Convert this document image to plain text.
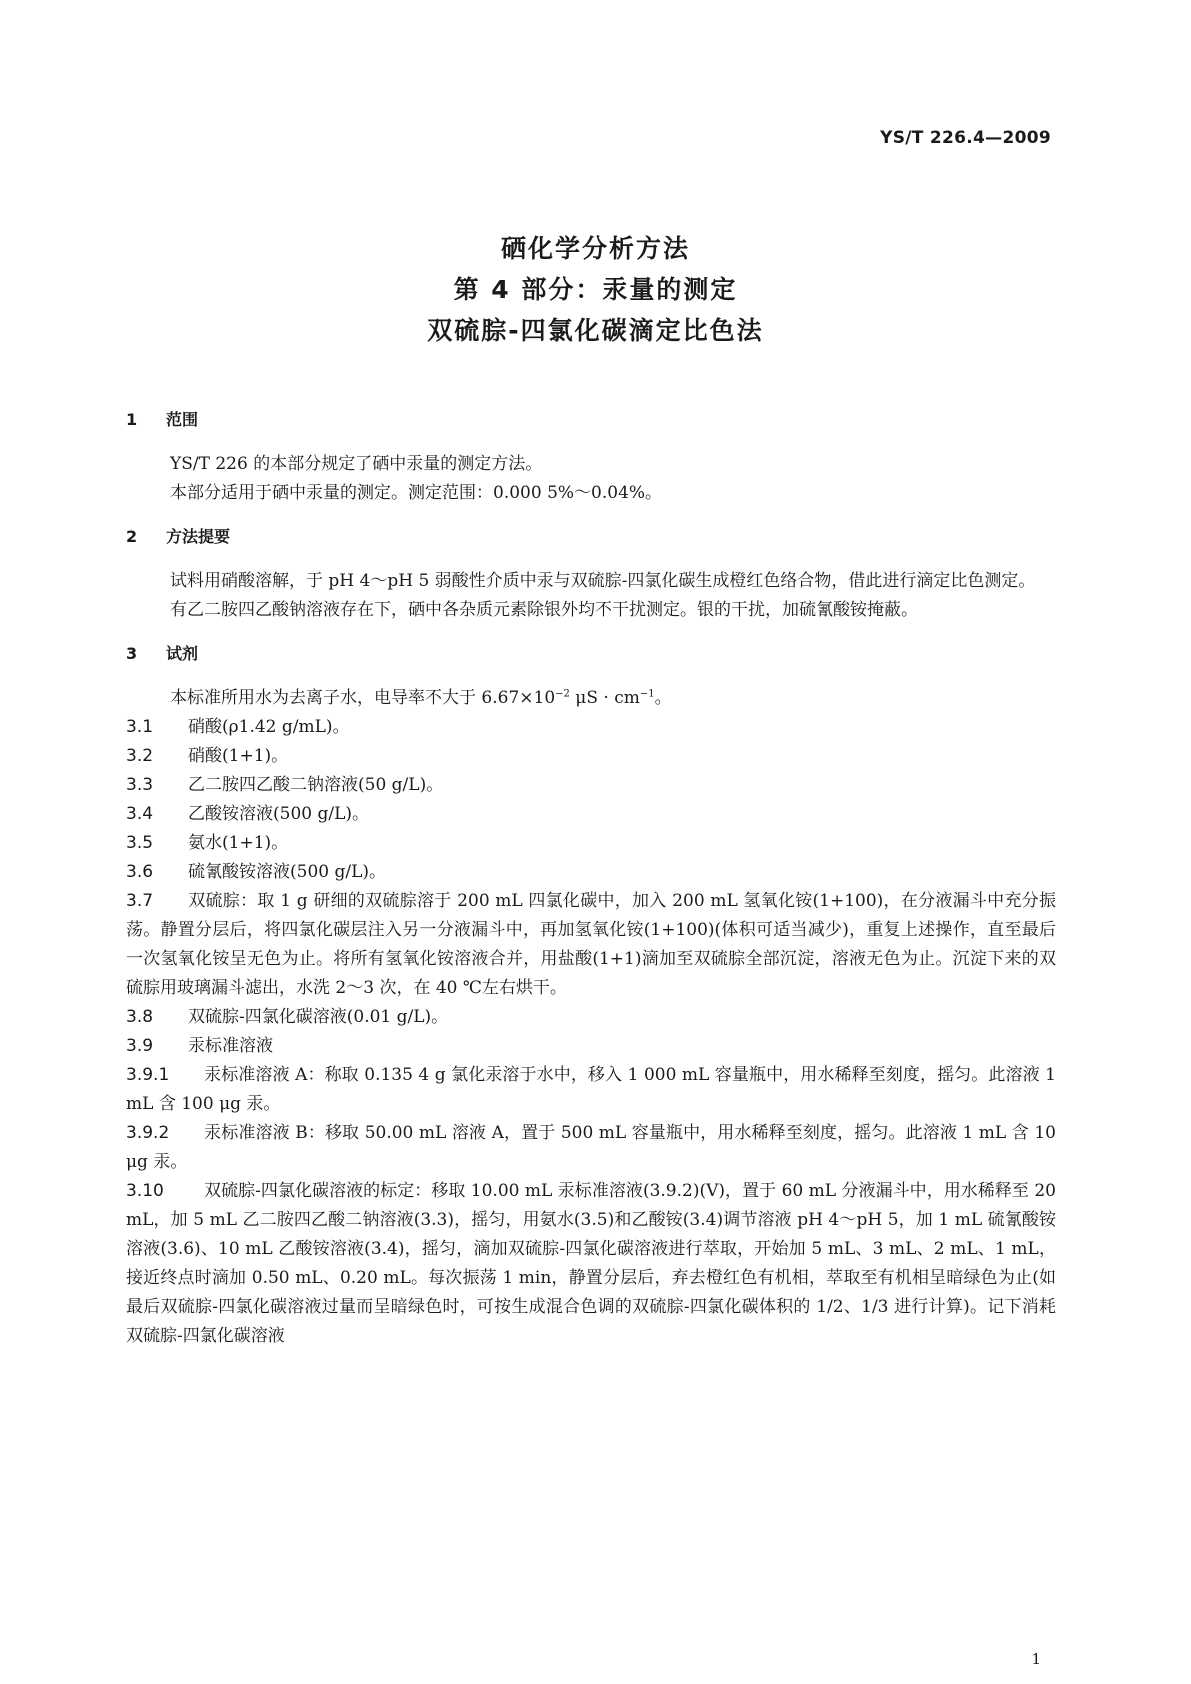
YS/T 226.4—2009
硒化学分析方法
第 4 部分：汞量的测定
双硫腙-四氯化碳滴定比色法
1 范围

YS/T 226 的本部分规定了硒中汞量的测定方法。

本部分适用于硒中汞量的测定。测定范围：0.000 5%～0.04%。

2 方法提要

试料用硝酸溶解，于 pH 4～pH 5 弱酸性介质中汞与双硫腙-四氯化碳生成橙红色络合物，借此进行滴定比色测定。

有乙二胺四乙酸钠溶液存在下，硒中各杂质元素除银外均不干扰测定。银的干扰，加硫氰酸铵掩蔽。

3 试剂

本标准所用水为去离子水，电导率不大于 $6.67\times 10^{-2}$ $\mu S \cdot cm^{-1}$。

3.1 硝酸(ρ1.42 g/mL)。

3.2 硝酸(1+1)。

3.3 乙二胺四乙酸二钠溶液(50 g/L)。

3.4 乙酸铵溶液(500 g/L)。

3.5 氨水(1+1)。

3.6 硫氰酸铵溶液(500 g/L)。

3.7 双硫腙：取 1 g 研细的双硫腙溶于 200 mL 四氯化碳中，加入 200 mL 氢氧化铵(1+100)，在分液漏斗中充分振荡。静置分层后，将四氯化碳层注入另一分液漏斗中，再加氢氧化铵(1+100)(体积可适当减少)，重复上述操作，直至最后一次氢氧化铵呈无色为止。将所有氢氧化铵溶液合并，用盐酸(1+1)滴加至双硫腙全部沉淀，溶液无色为止。沉淀下来的双硫腙用玻璃漏斗滤出，水洗 2～3 次，在 40 ℃左右烘干。

3.8 双硫腙-四氯化碳溶液(0.01 g/L)。

3.9 汞标准溶液

3.9.1 汞标准溶液 A：称取 0.135 4 g 氯化汞溶于水中，移入 1 000 mL 容量瓶中，用水稀释至刻度，摇匀。此溶液 1 mL 含 100 μg 汞。

3.9.2 汞标准溶液 B：移取 50.00 mL 溶液 A，置于 500 mL 容量瓶中，用水稀释至刻度，摇匀。此溶液 1 mL 含 10 μg 汞。

3.10 双硫腙-四氯化碳溶液的标定：移取 10.00 mL 汞标准溶液(3.9.2)(V)，置于 60 mL 分液漏斗中，用水稀释至 20 mL，加 5 mL 乙二胺四乙酸二钠溶液(3.3)，摇匀，用氨水(3.5)和乙酸铵(3.4)调节溶液 pH 4～pH 5，加 1 mL 硫氰酸铵溶液(3.6)、10 mL 乙酸铵溶液(3.4)，摇匀，滴加双硫腙-四氯化碳溶液进行萃取，开始加 5 mL、3 mL、2 mL、1 mL，接近终点时滴加 0.50 mL、0.20 mL。每次振荡 1 min，静置分层后，弃去橙红色有机相，萃取至有机相呈暗绿色为止(如最后双硫腙-四氯化碳溶液过量而呈暗绿色时，可按生成混合色调的双硫腙-四氯化碳体积的 1/2、1/3 进行计算)。记下消耗双硫腙-四氯化碳溶液

1
